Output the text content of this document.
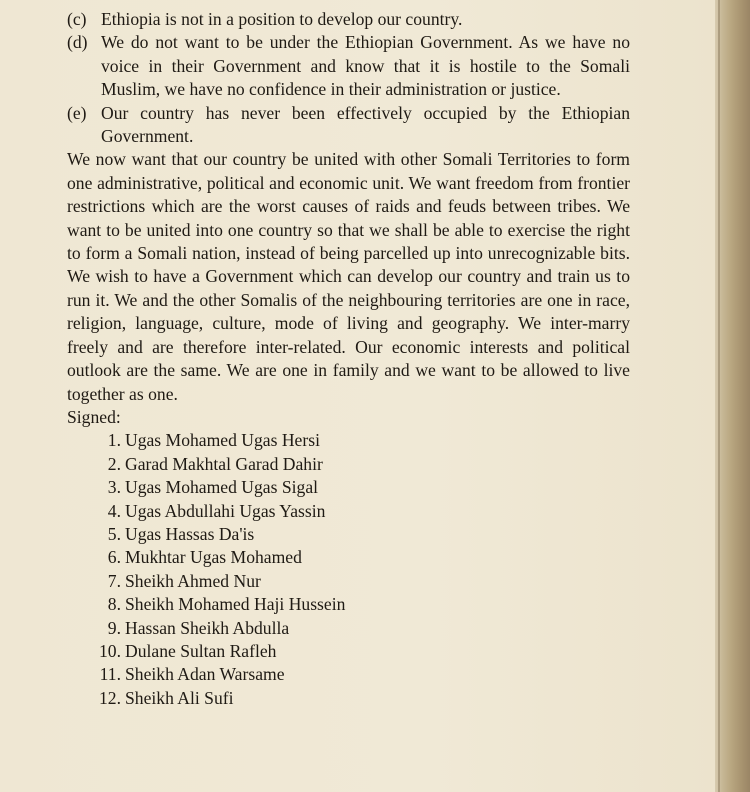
(c) Ethiopia is not in a position to develop our country.
(d) We do not want to be under the Ethiopian Government. As we have no voice in their Government and know that it is hostile to the Somali Muslim, we have no confidence in their administration or justice.
(e) Our country has never been effectively occupied by the Ethiopian Government.
We now want that our country be united with other Somali Territories to form one administrative, political and economic unit. We want freedom from frontier restrictions which are the worst causes of raids and feuds between tribes. We want to be united into one country so that we shall be able to exercise the right to form a Somali nation, instead of being parcelled up into unrecognizable bits. We wish to have a Government which can develop our country and train us to run it. We and the other Somalis of the neighbouring territories are one in race, religion, language, culture, mode of living and geography. We inter-marry freely and are therefore inter-related. Our economic interests and political outlook are the same. We are one in family and we want to be allowed to live together as one.
Signed:
1. Ugas Mohamed Ugas Hersi
2. Garad Makhtal Garad Dahir
3. Ugas Mohamed Ugas Sigal
4. Ugas Abdullahi Ugas Yassin
5. Ugas Hassas Da'is
6. Mukhtar Ugas Mohamed
7. Sheikh Ahmed Nur
8. Sheikh Mohamed Haji Hussein
9. Hassan Sheikh Abdulla
10. Dulane Sultan Rafleh
11. Sheikh Adan Warsame
12. Sheikh Ali Sufi
